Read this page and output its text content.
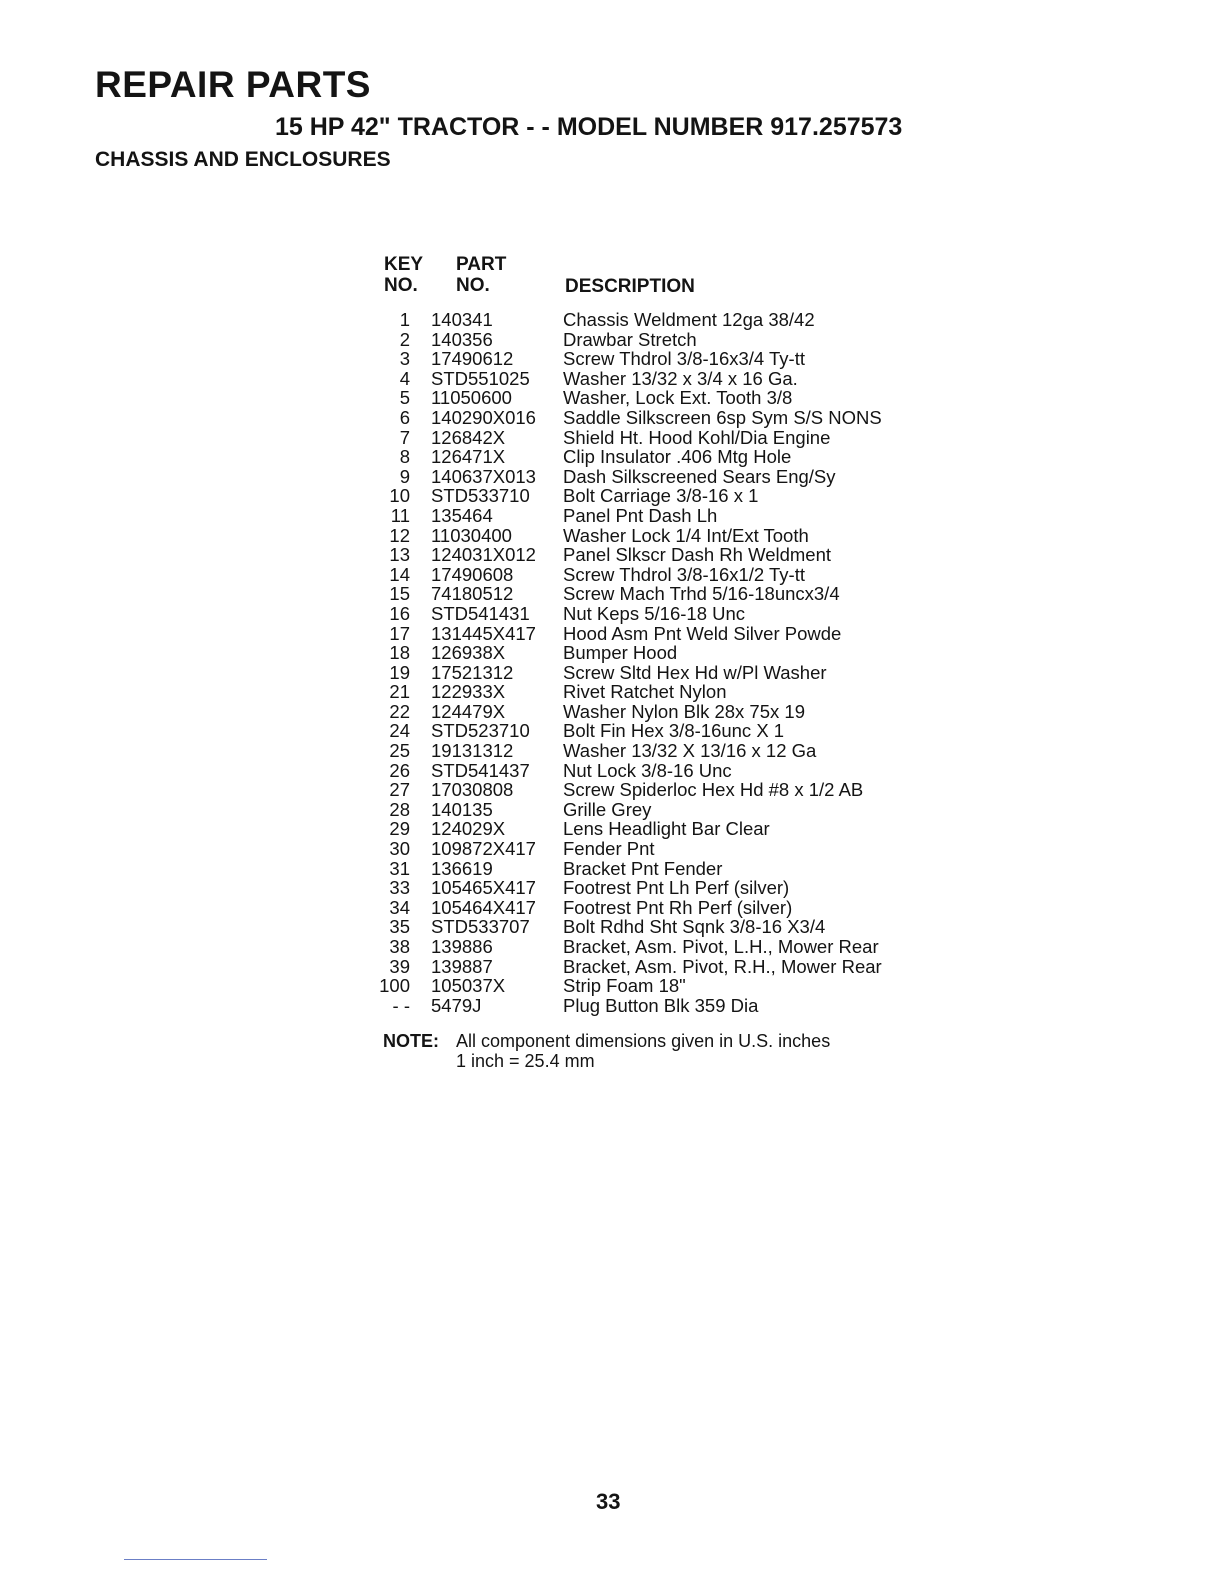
REPAIR PARTS
15 HP 42" TRACTOR - - MODEL NUMBER 917.257573
CHASSIS AND ENCLOSURES
KEY
NO.
PART
NO.	DESCRIPTION
1 140341	Chassis Weldment 12ga 38/42
2 140356	Drawbar Stretch
3 17490612	Screw Thdrol 3/8-16x3/4 Ty-tt
4 STD551025 Washer 13/32 x 3/4 x 16 Ga.
5 11050600	Washer, Lock Ext. Tooth 3/8
6 140290X016 Saddle Silkscreen 6sp Sym S/S NONS
7 126842X	Shield Ht. Hood Kohl/Dia Engine
8 126471X	Clip Insulator .406 Mtg Hole
9 140637X013 Dash Silkscreened Sears Eng/Sy
10 STD533710 Bolt Carriage 3/8-16 x 1
11 135464	Panel Pnt Dash Lh
12 11030400	Washer Lock 1/4 Int/Ext Tooth
13 124031X012 Panel Slkscr Dash Rh Weldment
14 17490608	Screw Thdrol 3/8-16x1/2 Ty-tt
15 74180512	Screw Mach Trhd 5/16-18uncx3/4
16 STD541431 Nut Keps 5/16-18 Unc
17 131445X417 Hood Asm Pnt Weld Silver Powde
18 126938X	Bumper Hood
19 17521312	Screw Sltd Hex Hd w/Pl Washer
21 122933X	Rivet Ratchet Nylon
22 124479X	Washer Nylon Blk 28x 75x 19
24 STD523710 Bolt Fin Hex 3/8-16unc X 1
25 19131312	Washer 13/32 X 13/16 x 12 Ga
26 STD541437 Nut Lock 3/8-16 Unc
27 17030808	Screw Spiderloc Hex Hd #8 x 1/2 AB
28 140135	Grille Grey
29 124029X	Lens Headlight Bar Clear
30 109872X417 Fender Pnt
31 136619	Bracket Pnt Fender
33 105465X417 Footrest Pnt Lh Perf (silver)
34 105464X417 Footrest Pnt Rh Perf (silver)
35 STD533707 Bolt Rdhd Sht Sqnk 3/8-16 X3/4
38 139886	Bracket, Asm. Pivot, L.H., Mower Rear
39 139887	Bracket, Asm. Pivot, R.H., Mower Rear
100 105037X	Strip Foam 18"
- - 5479J	Plug Button Blk 359 Dia
NOTE: All component dimensions given in U.S. inches
1 inch = 25.4 mm
33
